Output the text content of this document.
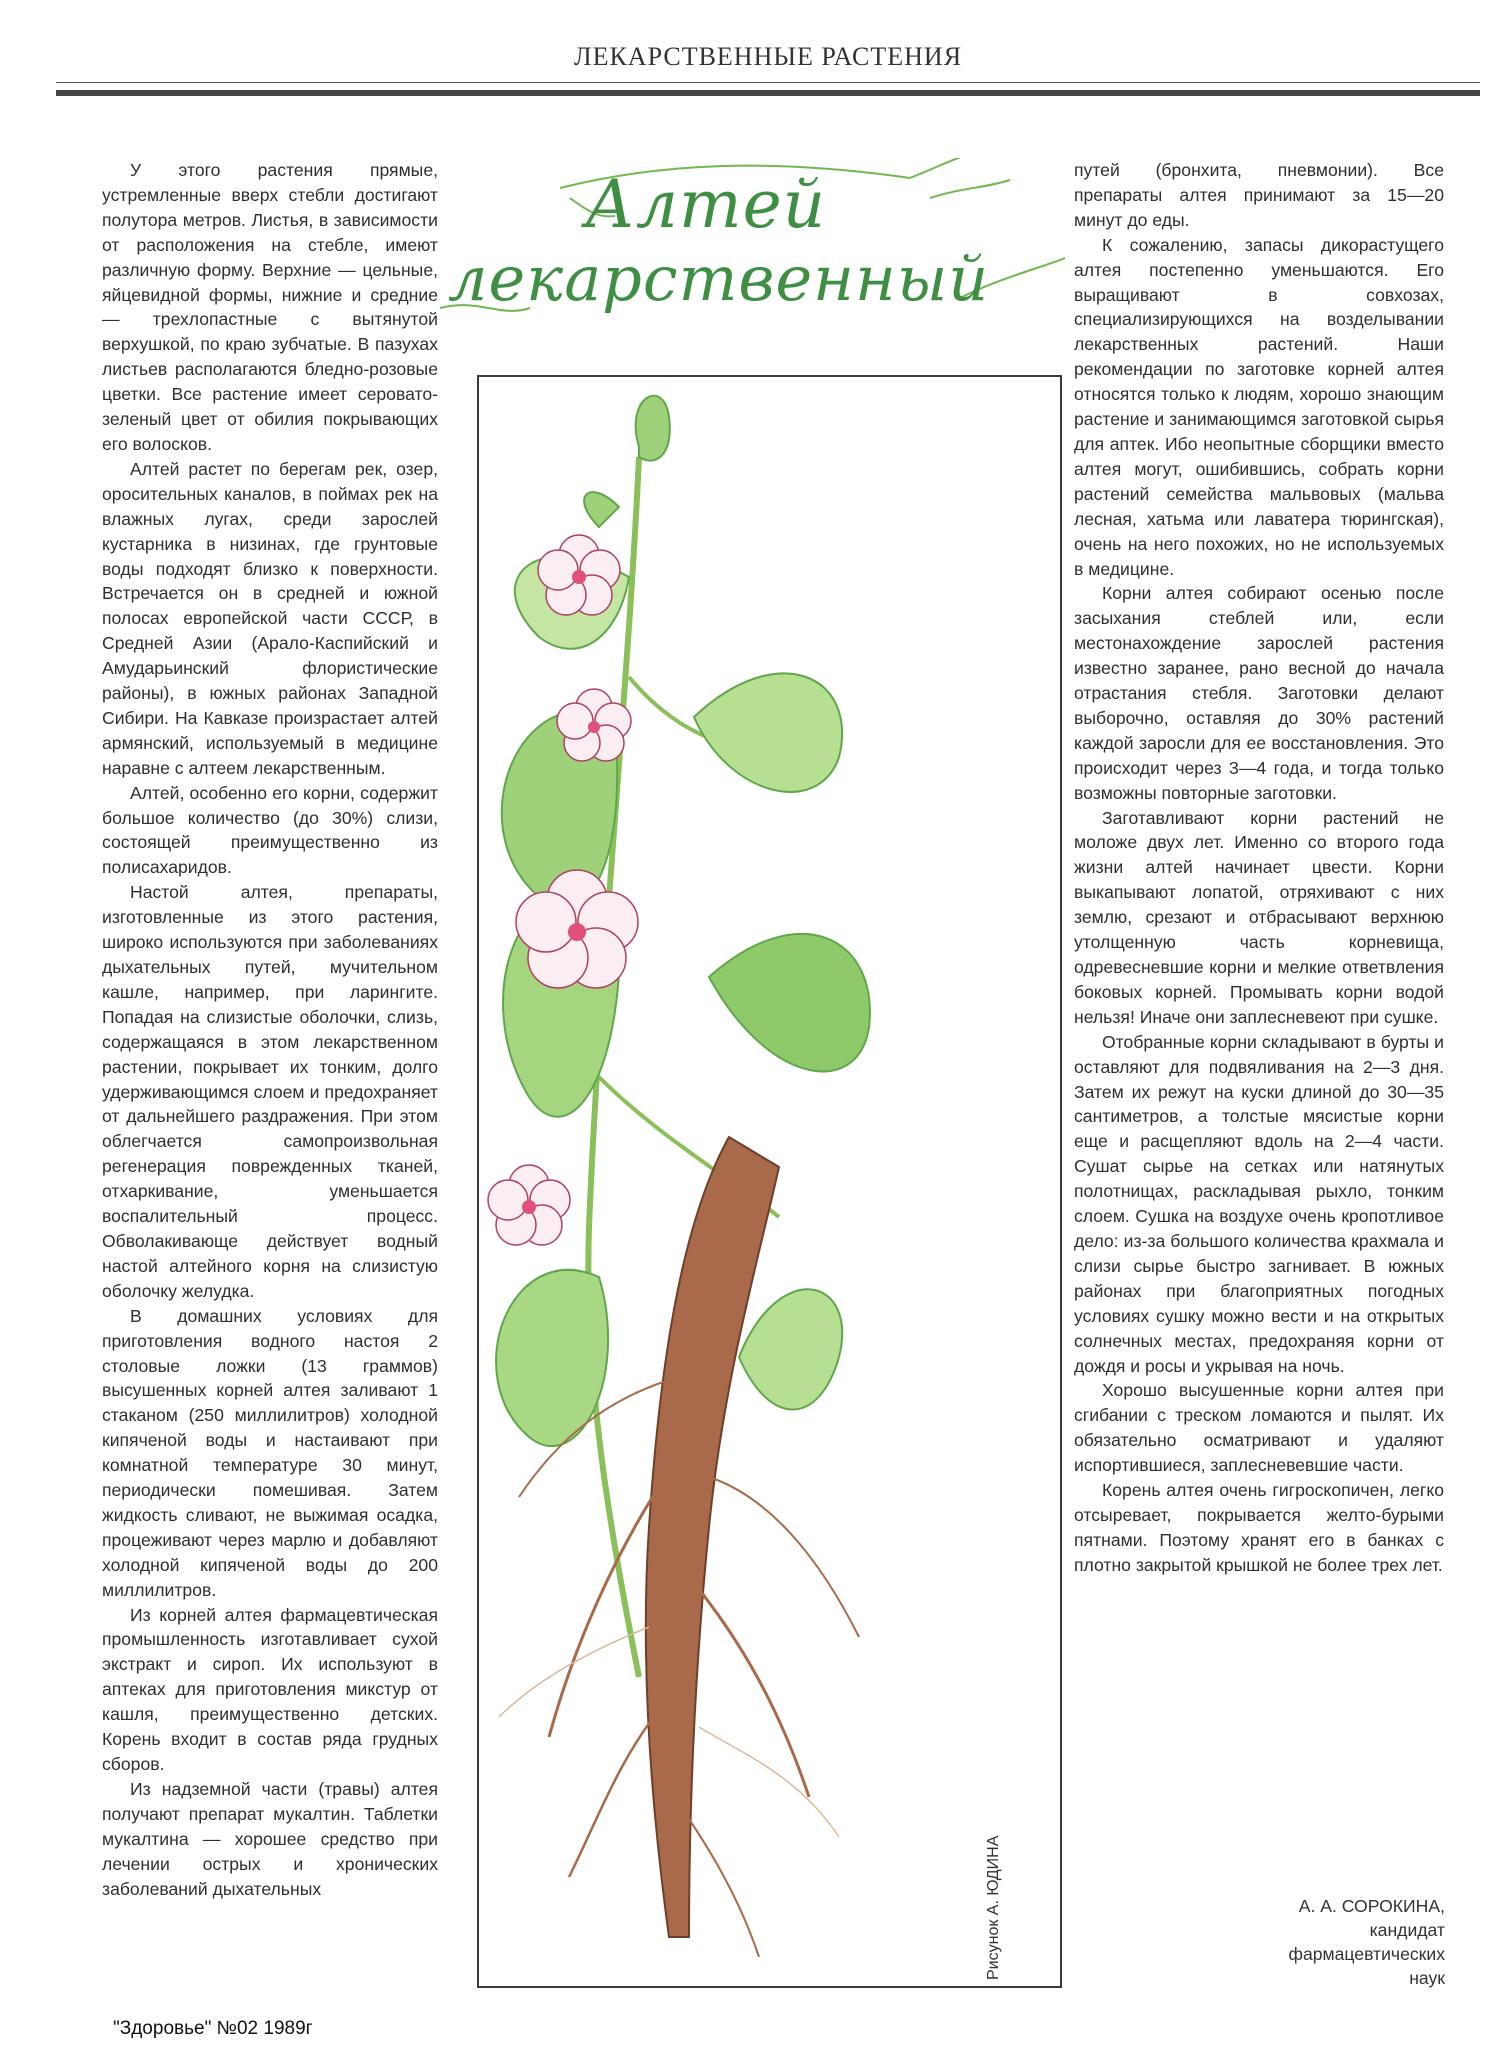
ЛЕКАРСТВЕННЫЕ РАСТЕНИЯ

У этого растения прямые, устремленные вверх стебли достигают полутора метров. Листья, в зависимости от расположения на стебле, имеют различную форму. Верхние — цельные, яйцевидной формы, нижние и средние — трехлопастные с вытянутой верхушкой, по краю зубчатые. В пазухах листьев располагаются бледно-розовые цветки. Все растение имеет серовато-зеленый цвет от обилия покрывающих его волосков.

Алтей растет по берегам рек, озер, оросительных каналов, в поймах рек на влажных лугах, среди зарослей кустарника в низинах, где грунтовые воды подходят близко к поверхности. Встречается он в средней и южной полосах европейской части СССР, в Средней Азии (Арало-Каспийский и Амударьинский флористические районы), в южных районах Западной Сибири. На Кавказе произрастает алтей армянский, используемый в медицине наравне с алтеем лекарственным.

Алтей, особенно его корни, содержит большое количество (до 30%) слизи, состоящей преимущественно из полисахаридов.

Настой алтея, препараты, изготовленные из этого растения, широко используются при заболеваниях дыхательных путей, мучительном кашле, например, при ларингите. Попадая на слизистые оболочки, слизь, содержащаяся в этом лекарственном растении, покрывает их тонким, долго удерживающимся слоем и предохраняет от дальнейшего раздражения. При этом облегчается самопроизвольная регенерация поврежденных тканей, отхаркивание, уменьшается воспалительный процесс. Обволакивающе действует водный настой алтейного корня на слизистую оболочку желудка.

В домашних условиях для приготовления водного настоя 2 столовые ложки (13 граммов) высушенных корней алтея заливают 1 стаканом (250 миллилитров) холодной кипяченой воды и настаивают при комнатной температуре 30 минут, периодически помешивая. Затем жидкость сливают, не выжимая осадка, процеживают через марлю и добавляют холодной кипяченой воды до 200 миллилитров.

Из корней алтея фармацевтическая промышленность изготавливает сухой экстракт и сироп. Их используют в аптеках для приготовления микстур от кашля, преимущественно детских. Корень входит в состав ряда грудных сборов.

Из надземной части (травы) алтея получают препарат мукалтин. Таблетки мукалтина — хорошее средство при лечении острых и хронических заболеваний дыхательных

Алтей
лекарственный
Рисунок А. ЮДИНА

путей (бронхита, пневмонии). Все препараты алтея принимают за 15—20 минут до еды.

К сожалению, запасы дикорастущего алтея постепенно уменьшаются. Его выращивают в совхозах, специализирующихся на возделывании лекарственных растений. Наши рекомендации по заготовке корней алтея относятся только к людям, хорошо знающим растение и занимающимся заготовкой сырья для аптек. Ибо неопытные сборщики вместо алтея могут, ошибившись, собрать корни растений семейства мальвовых (мальва лесная, хатьма или лаватера тюрингская), очень на него похожих, но не используемых в медицине.

Корни алтея собирают осенью после засыхания стеблей или, если местонахождение зарослей растения известно заранее, рано весной до начала отрастания стебля. Заготовки делают выборочно, оставляя до 30% растений каждой заросли для ее восстановления. Это происходит через 3—4 года, и тогда только возможны повторные заготовки.

Заготавливают корни растений не моложе двух лет. Именно со второго года жизни алтей начинает цвести. Корни выкапывают лопатой, отряхивают с них землю, срезают и отбрасывают верхнюю утолщенную часть корневища, одревесневшие корни и мелкие ответвления боковых корней. Промывать корни водой нельзя! Иначе они заплесневеют при сушке.

Отобранные корни складывают в бурты и оставляют для подвяливания на 2—3 дня. Затем их режут на куски длиной до 30—35 сантиметров, а толстые мясистые корни еще и расщепляют вдоль на 2—4 части. Сушат сырье на сетках или натянутых полотнищах, раскладывая рыхло, тонким слоем. Сушка на воздухе очень кропотливое дело: из-за большого количества крахмала и слизи сырье быстро загнивает. В южных районах при благоприятных погодных условиях сушку можно вести и на открытых солнечных местах, предохраняя корни от дождя и росы и укрывая на ночь.

Хорошо высушенные корни алтея при сгибании с треском ломаются и пылят. Их обязательно осматривают и удаляют испортившиеся, заплесневевшие части.

Корень алтея очень гигроскопичен, легко отсыревает, покрывается желто-бурыми пятнами. Поэтому хранят его в банках с плотно закрытой крышкой не более трех лет.

А. А. СОРОКИНА,
кандидат
фармацевтических
наук
"Здоровье" №02 1989г
